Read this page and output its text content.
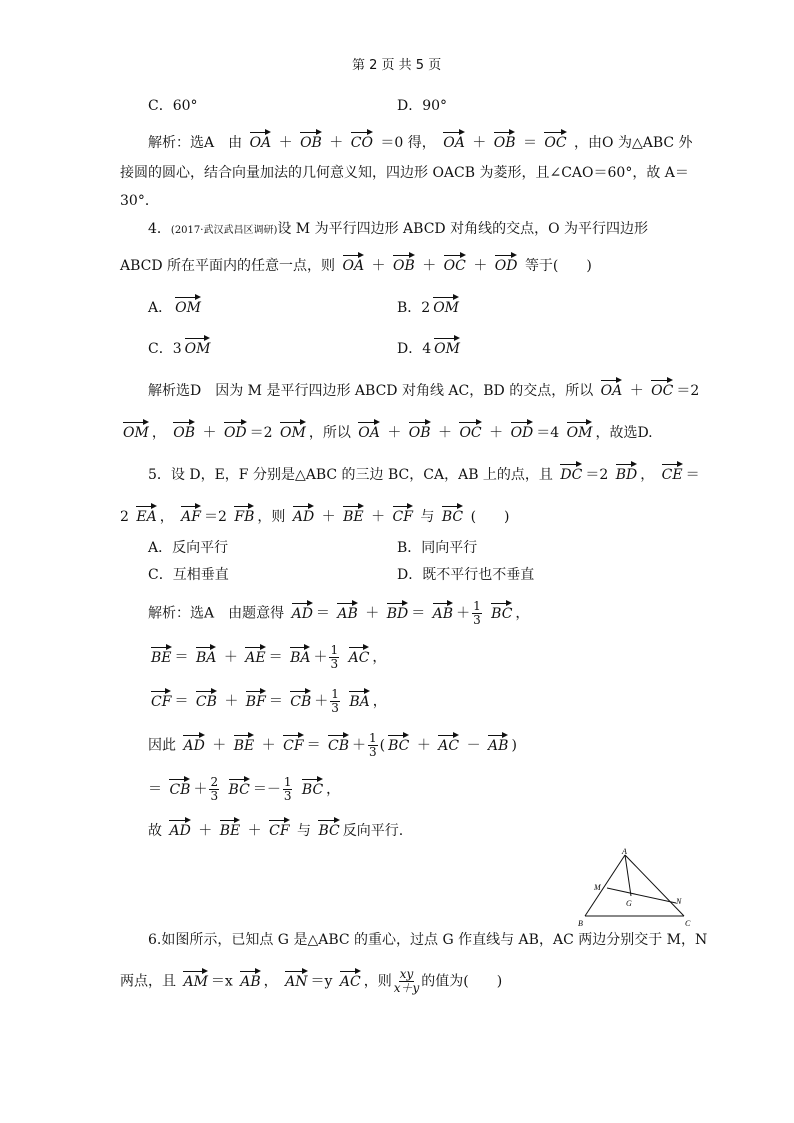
第 2 页 共 5 页
C．60°	D．90°
解析：选A　由 OA ＋ OB ＋ CO ＝0 得， OA ＋ OB ＝ OC ，由O 为△ABC 外
接圆的圆心，结合向量加法的几何意义知，四边形 OACB 为菱形，且∠CAO＝60°，故 A＝
30°．
4．(2017·武汉武昌区调研)设 M 为平行四边形 ABCD 对角线的交点，O 为平行四边形
ABCD 所在平面内的任意一点，则 OA ＋ OB ＋ OC ＋ OD 等于(　　)
A． OM	B．2 OM
C．3 OM	D．4 OM
解析选D　因为 M 是平行四边形 ABCD 对角线 AC，BD 的交点，所以 OA ＋ OC ＝2
OM ， OB ＋ OD ＝2 OM ，所以 OA ＋ OB ＋ OC ＋ OD ＝4 OM ，故选D.
5．设 D，E，F 分别是△ABC 的三边 BC，CA，AB 上的点，且 DC ＝2 BD ， CE ＝
2 EA ， AF ＝2 FB ，则 AD ＋ BE ＋ CF 与 BC (　　)
A．反向平行	B．同向平行
C．互相垂直	D．既不平行也不垂直
解析：选A　由题意得 AD ＝ AB ＋ BD ＝ AB ＋ $\frac{1}{3}$ BC ，
BE ＝ BA ＋ AE ＝ BA ＋ $\frac{1}{3}$ AC ，
CF ＝ CB ＋ BF ＝ CB ＋ $\frac{1}{3}$ BA ，
因此 AD ＋ BE ＋ CF ＝ CB ＋ $\frac{1}{3}$ ( BC ＋ AC － AB )
＝ CB ＋ $\frac{2}{3}$ BC ＝－ $\frac{1}{3}$ BC ，
故 AD ＋ BE ＋ CF 与 BC 反向平行.
A
B	C
M
N
G
6.如图所示，已知点 G 是△ABC 的重心，过点 G 作直线与 AB，AC 两边分别交于 M，N
两点，且 AM ＝x AB ， AN ＝y AC ，则 $\frac{xy}{x+y}$ 的值为(　　)
